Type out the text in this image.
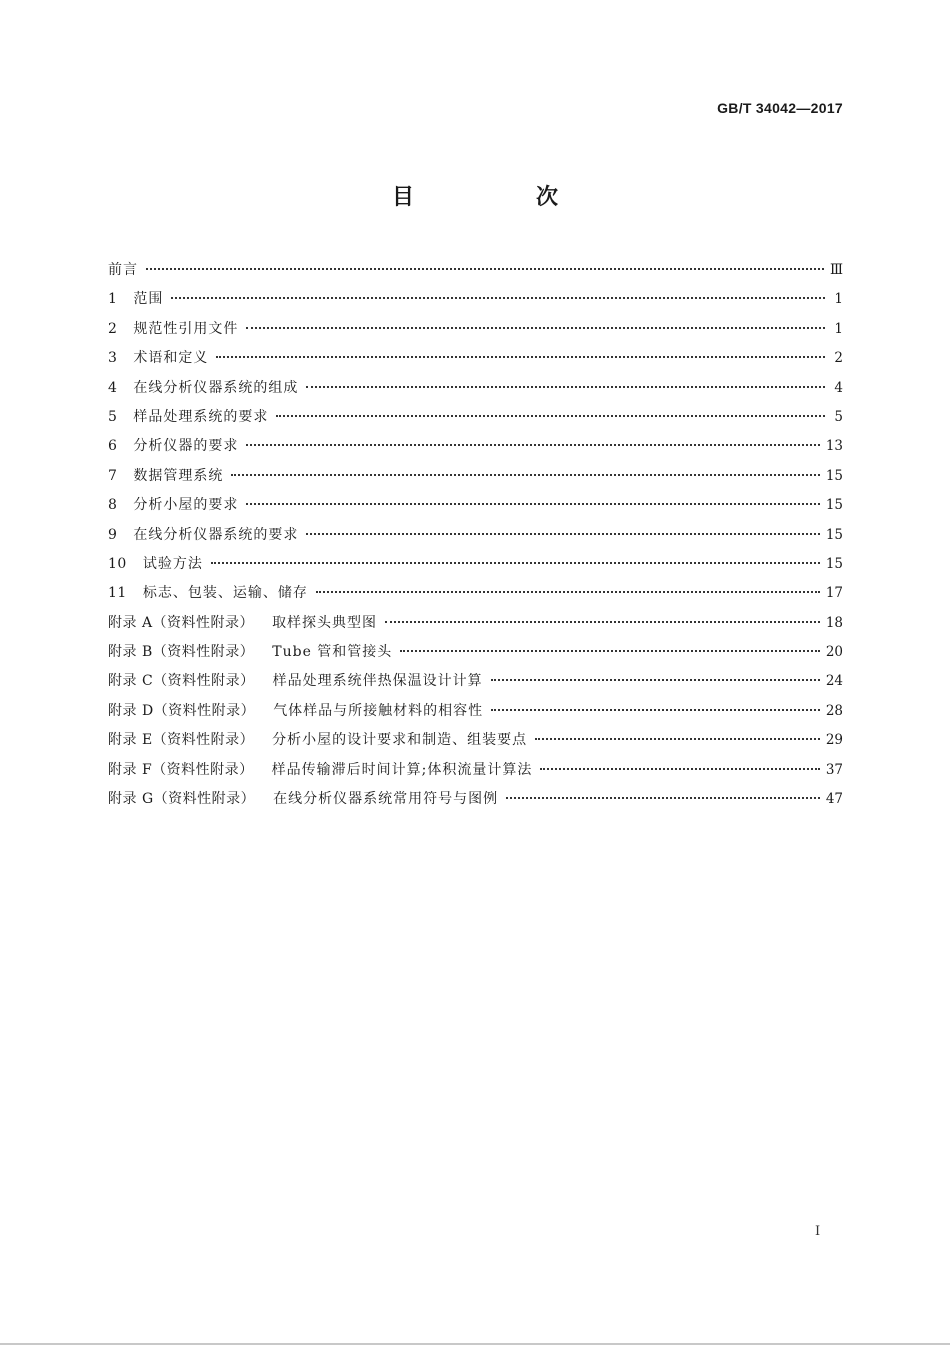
GB/T 34042—2017
目　次
前言	Ⅲ
1 范围	1
2 规范性引用文件	1
3 术语和定义	2
4 在线分析仪器系统的组成	4
5 样品处理系统的要求	5
6 分析仪器的要求	13
7 数据管理系统	15
8 分析小屋的要求	15
9 在线分析仪器系统的要求	15
10 试验方法	15
11 标志、包装、运输、储存	17
附录 A（资料性附录） 取样探头典型图	18
附录 B（资料性附录） Tube 管和管接头	20
附录 C（资料性附录） 样品处理系统伴热保温设计计算	24
附录 D（资料性附录） 气体样品与所接触材料的相容性	28
附录 E（资料性附录） 分析小屋的设计要求和制造、组装要点	29
附录 F（资料性附录） 样品传输滞后时间计算;体积流量计算法	37
附录 G（资料性附录） 在线分析仪器系统常用符号与图例	47
I
